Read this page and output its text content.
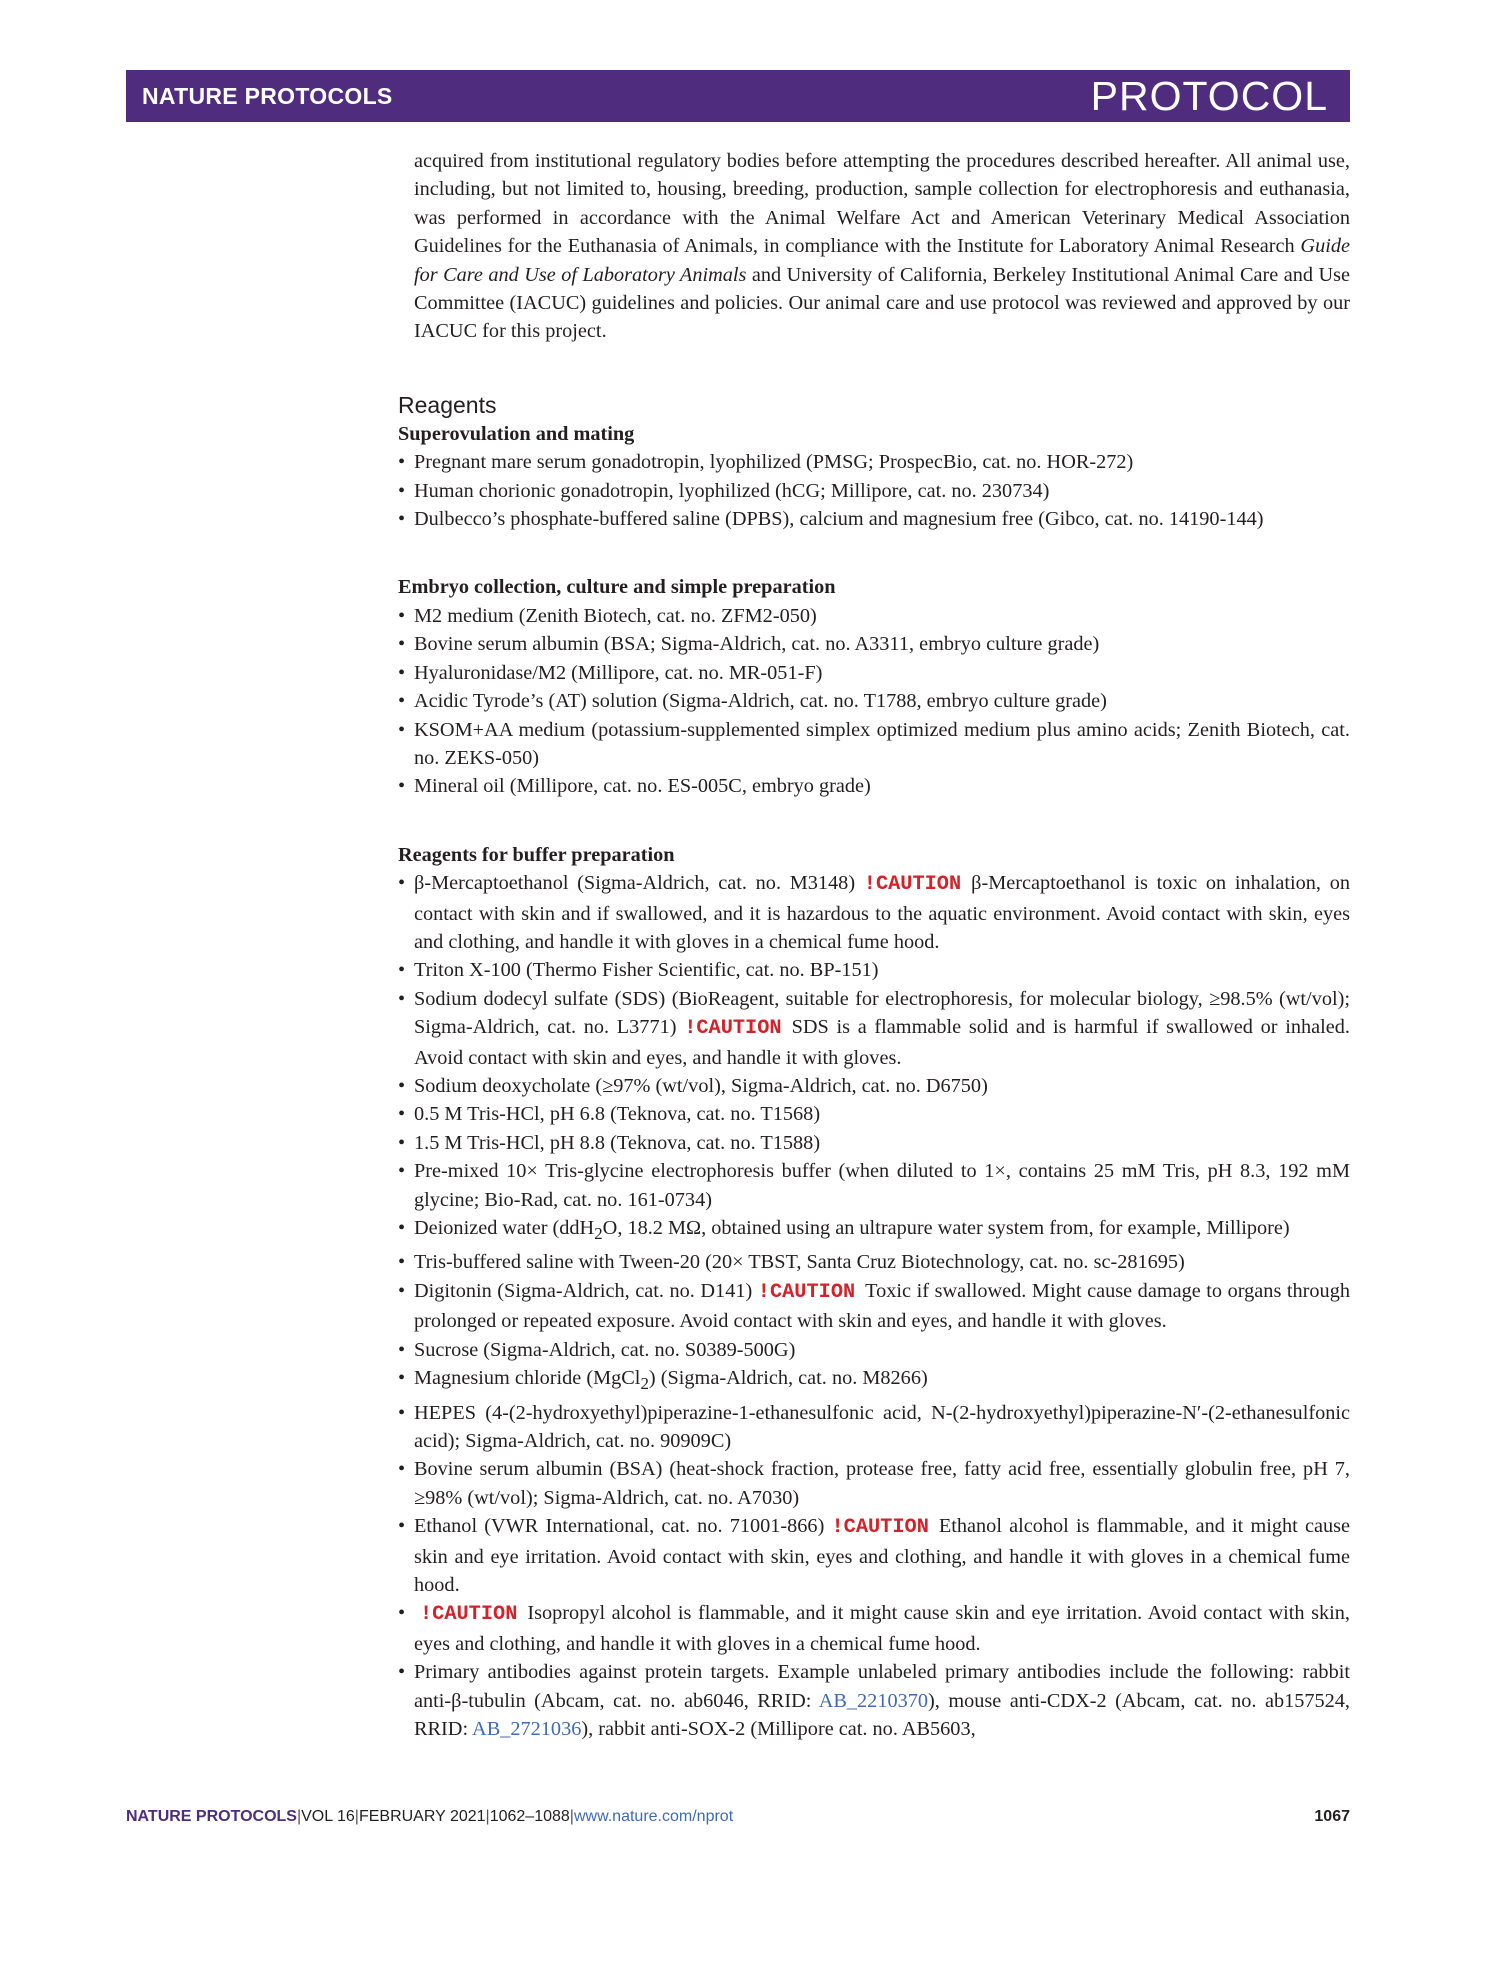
NATURE PROTOCOLS	PROTOCOL

acquired from institutional regulatory bodies before attempting the procedures described hereafter. All animal use, including, but not limited to, housing, breeding, production, sample collection for electrophoresis and euthanasia, was performed in accordance with the Animal Welfare Act and American Veterinary Medical Association Guidelines for the Euthanasia of Animals, in compliance with the Institute for Laboratory Animal Research Guide for Care and Use of Laboratory Animals and University of California, Berkeley Institutional Animal Care and Use Committee (IACUC) guidelines and policies. Our animal care and use protocol was reviewed and approved by our IACUC for this project.

Reagents

Superovulation and mating

• Pregnant mare serum gonadotropin, lyophilized (PMSG; ProspecBio, cat. no. HOR-272)
• Human chorionic gonadotropin, lyophilized (hCG; Millipore, cat. no. 230734)
• Dulbecco’s phosphate-buffered saline (DPBS), calcium and magnesium free (Gibco, cat. no. 14190-144)

Embryo collection, culture and simple preparation

• M2 medium (Zenith Biotech, cat. no. ZFM2-050)
• Bovine serum albumin (BSA; Sigma-Aldrich, cat. no. A3311, embryo culture grade)
• Hyaluronidase/M2 (Millipore, cat. no. MR-051-F)
• Acidic Tyrode’s (AT) solution (Sigma-Aldrich, cat. no. T1788, embryo culture grade)
• KSOM+AA medium (potassium-supplemented simplex optimized medium plus amino acids; Zenith Biotech, cat. no. ZEKS-050)
• Mineral oil (Millipore, cat. no. ES-005C, embryo grade)

Reagents for buffer preparation

• β-Mercaptoethanol (Sigma-Aldrich, cat. no. M3148) !CAUTION β-Mercaptoethanol is toxic on inhalation, on contact with skin and if swallowed, and it is hazardous to the aquatic environment. Avoid contact with skin, eyes and clothing, and handle it with gloves in a chemical fume hood.
• Triton X-100 (Thermo Fisher Scientific, cat. no. BP-151)
• Sodium dodecyl sulfate (SDS) (BioReagent, suitable for electrophoresis, for molecular biology, ≥98.5% (wt/vol); Sigma-Aldrich, cat. no. L3771) !CAUTION SDS is a flammable solid and is harmful if swallowed or inhaled. Avoid contact with skin and eyes, and handle it with gloves.
• Sodium deoxycholate (≥97% (wt/vol), Sigma-Aldrich, cat. no. D6750)
• 0.5 M Tris-HCl, pH 6.8 (Teknova, cat. no. T1568)
• 1.5 M Tris-HCl, pH 8.8 (Teknova, cat. no. T1588)
• Pre-mixed 10× Tris-glycine electrophoresis buffer (when diluted to 1×, contains 25 mM Tris, pH 8.3, 192 mM glycine; Bio-Rad, cat. no. 161-0734)
• Deionized water (ddH$_2$O, 18.2 MΩ, obtained using an ultrapure water system from, for example, Millipore)
• Tris-buffered saline with Tween-20 (20× TBST, Santa Cruz Biotechnology, cat. no. sc-281695)
• Digitonin (Sigma-Aldrich, cat. no. D141) !CAUTION Toxic if swallowed. Might cause damage to organs through prolonged or repeated exposure. Avoid contact with skin and eyes, and handle it with gloves.
• Sucrose (Sigma-Aldrich, cat. no. S0389-500G)
• Magnesium chloride (MgCl$_2$) (Sigma-Aldrich, cat. no. M8266)
• HEPES (4-(2-hydroxyethyl)piperazine-1-ethanesulfonic acid, N-(2-hydroxyethyl)piperazine-N′-(2-ethanesulfonic acid); Sigma-Aldrich, cat. no. 90909C)
• Bovine serum albumin (BSA) (heat-shock fraction, protease free, fatty acid free, essentially globulin free, pH 7, ≥98% (wt/vol); Sigma-Aldrich, cat. no. A7030)
• Ethanol (VWR International, cat. no. 71001-866) !CAUTION Ethanol alcohol is flammable, and it might cause skin and eye irritation. Avoid contact with skin, eyes and clothing, and handle it with gloves in a chemical fume hood.
• !CAUTION Isopropyl alcohol is flammable, and it might cause skin and eye irritation. Avoid contact with skin, eyes and clothing, and handle it with gloves in a chemical fume hood.
• Primary antibodies against protein targets. Example unlabeled primary antibodies include the following: rabbit anti-β-tubulin (Abcam, cat. no. ab6046, RRID: AB_2210370), mouse anti-CDX-2 (Abcam, cat. no. ab157524, RRID: AB_2721036), rabbit anti-SOX-2 (Millipore cat. no. AB5603,
NATURE PROTOCOLS|VOL 16|FEBRUARY 2021|1062–1088|www.nature.com/nprot	1067
